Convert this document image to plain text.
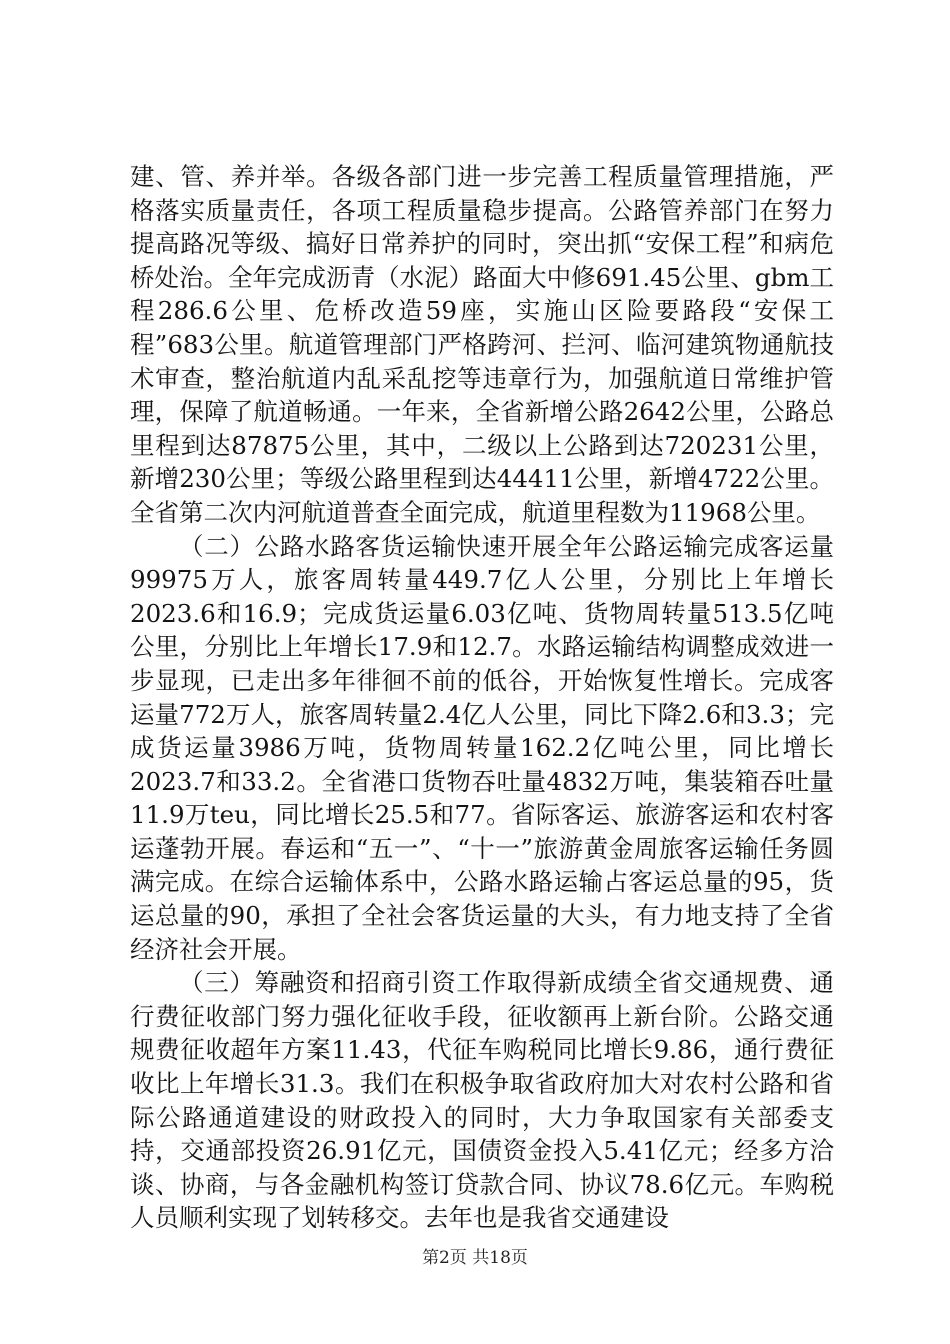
建、管、养并举。各级各部门进一步完善工程质量管理措施，严格落实质量责任，各项工程质量稳步提高。公路管养部门在努力提高路况等级、搞好日常养护的同时，突出抓“安保工程”和病危桥处治。全年完成沥青（水泥）路面大中修691.45公里、gbm工程286.6公里、危桥改造59座，实施山区险要路段“安保工程”683公里。航道管理部门严格跨河、拦河、临河建筑物通航技术审查，整治航道内乱采乱挖等违章行为，加强航道日常维护管理，保障了航道畅通。一年来，全省新增公路2642公里，公路总里程到达87875公里，其中，二级以上公路到达720231公里，新增230公里；等级公路里程到达44411公里，新增4722公里。全省第二次内河航道普查全面完成，航道里程数为11968公里。

（二）公路水路客货运输快速开展全年公路运输完成客运量99975万人，旅客周转量449.7亿人公里，分别比上年增长2023.6和16.9；完成货运量6.03亿吨、货物周转量513.5亿吨公里，分别比上年增长17.9和12.7。水路运输结构调整成效进一步显现，已走出多年徘徊不前的低谷，开始恢复性增长。完成客运量772万人，旅客周转量2.4亿人公里，同比下降2.6和3.3；完成货运量3986万吨，货物周转量162.2亿吨公里，同比增长2023.7和33.2。全省港口货物吞吐量4832万吨，集装箱吞吐量11.9万teu，同比增长25.5和77。省际客运、旅游客运和农村客运蓬勃开展。春运和“五一”、“十一”旅游黄金周旅客运输任务圆满完成。在综合运输体系中，公路水路运输占客运总量的95，货运总量的90，承担了全社会客货运量的大头，有力地支持了全省经济社会开展。

（三）筹融资和招商引资工作取得新成绩全省交通规费、通行费征收部门努力强化征收手段，征收额再上新台阶。公路交通规费征收超年方案11.43，代征车购税同比增长9.86，通行费征收比上年增长31.3。我们在积极争取省政府加大对农村公路和省际公路通道建设的财政投入的同时，大力争取国家有关部委支持，交通部投资26.91亿元，国债资金投入5.41亿元；经多方洽谈、协商，与各金融机构签订贷款合同、协议78.6亿元。车购税人员顺利实现了划转移交。去年也是我省交通建设

第2页 共18页
